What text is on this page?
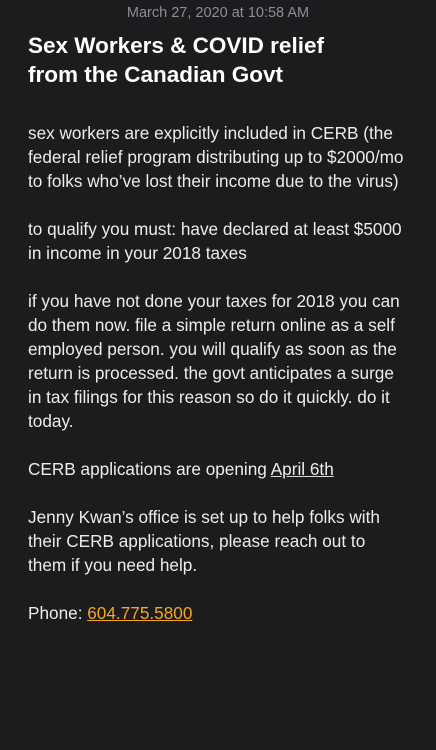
March 27, 2020 at 10:58 AM
Sex Workers & COVID relief
from the Canadian Govt

sex workers are explicitly included in CERB (the federal relief program distributing up to $2000/mo to folks who’ve lost their income due to the virus)

to qualify you must: have declared at least $5000 in income in your 2018 taxes

if you have not done your taxes for 2018 you can do them now. file a simple return online as a self employed person. you will qualify as soon as the return is processed. the govt anticipates a surge in tax filings for this reason so do it quickly. do it today.

CERB applications are opening April 6th

Jenny Kwan’s office is set up to help folks with their CERB applications, please reach out to them if you need help.

Phone: 604.775.5800
